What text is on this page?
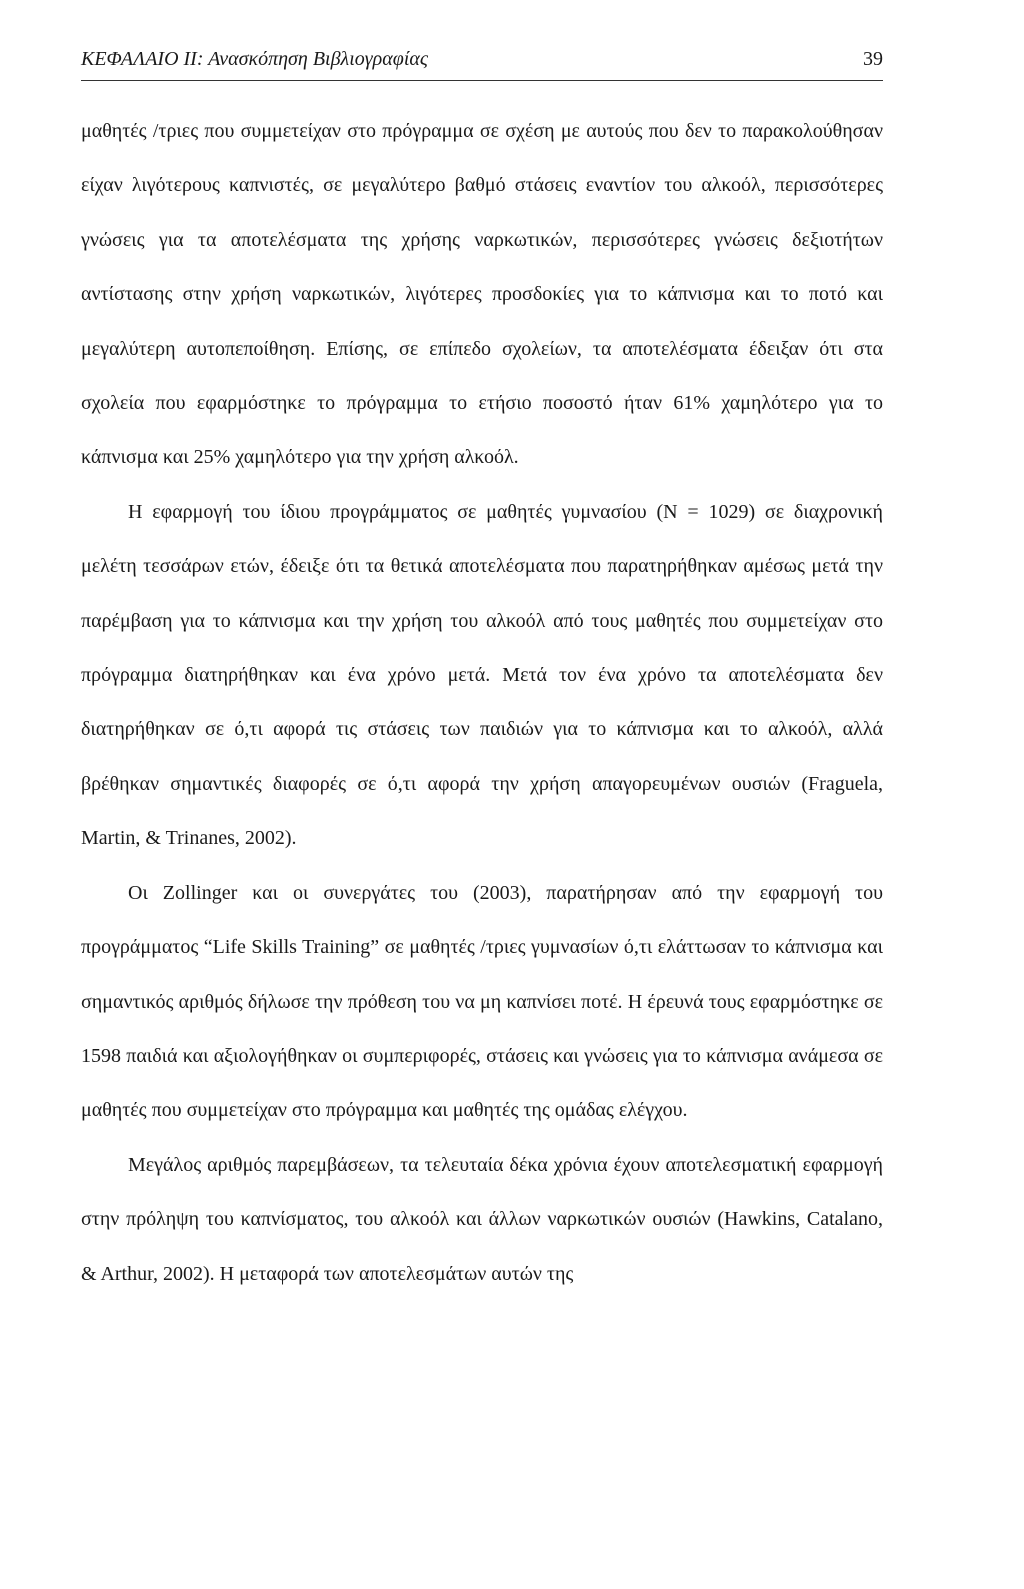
ΚΕΦΑΛΑΙΟ ΙΙ: Ανασκόπηση Βιβλιογραφίας	39

μαθητές /τριες που συμμετείχαν στο πρόγραμμα σε σχέση με αυτούς που δεν το παρακολούθησαν είχαν λιγότερους καπνιστές, σε μεγαλύτερο βαθμό στάσεις εναντίον του αλκοόλ, περισσότερες γνώσεις για τα αποτελέσματα της χρήσης ναρκωτικών, περισσότερες γνώσεις δεξιοτήτων αντίστασης στην χρήση ναρκωτικών, λιγότερες προσδοκίες για το κάπνισμα και το ποτό και μεγαλύτερη αυτοπεποίθηση. Επίσης, σε επίπεδο σχολείων, τα αποτελέσματα έδειξαν ότι στα σχολεία που εφαρμόστηκε το πρόγραμμα το ετήσιο ποσοστό ήταν 61% χαμηλότερο για το κάπνισμα και 25% χαμηλότερο για την χρήση αλκοόλ.

Η εφαρμογή του ίδιου προγράμματος σε μαθητές γυμνασίου (Ν = 1029) σε διαχρονική μελέτη τεσσάρων ετών, έδειξε ότι τα θετικά αποτελέσματα που παρατηρήθηκαν αμέσως μετά την παρέμβαση για το κάπνισμα και την χρήση του αλκοόλ από τους μαθητές που συμμετείχαν στο πρόγραμμα διατηρήθηκαν και ένα χρόνο μετά. Μετά τον ένα χρόνο τα αποτελέσματα δεν διατηρήθηκαν σε ό,τι αφορά τις στάσεις των παιδιών για το κάπνισμα και το αλκοόλ, αλλά βρέθηκαν σημαντικές διαφορές σε ό,τι αφορά την χρήση απαγορευμένων ουσιών (Fraguela, Martin, & Trinanes, 2002).

Οι Zollinger και οι συνεργάτες του (2003), παρατήρησαν από την εφαρμογή του προγράμματος “Life Skills Training” σε μαθητές /τριες γυμνασίων ό,τι ελάττωσαν το κάπνισμα και σημαντικός αριθμός δήλωσε την πρόθεση του να μη καπνίσει ποτέ. Η έρευνά τους εφαρμόστηκε σε 1598 παιδιά και αξιολογήθηκαν οι συμπεριφορές, στάσεις και γνώσεις για το κάπνισμα ανάμεσα σε μαθητές που συμμετείχαν στο πρόγραμμα και μαθητές της ομάδας ελέγχου.

Μεγάλος αριθμός παρεμβάσεων, τα τελευταία δέκα χρόνια έχουν αποτελεσματική εφαρμογή στην πρόληψη του καπνίσματος, του αλκοόλ και άλλων ναρκωτικών ουσιών (Hawkins, Catalano, & Arthur, 2002). Η μεταφορά των αποτελεσμάτων αυτών της
